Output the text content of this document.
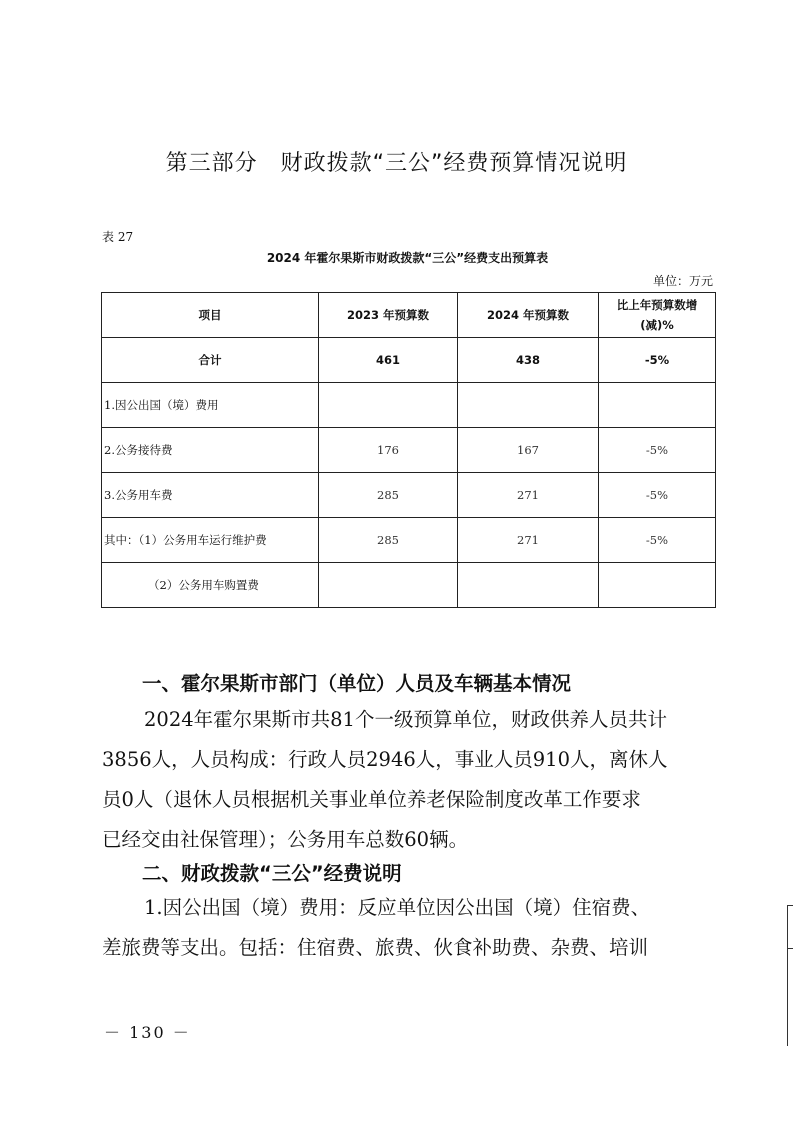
第三部分　财政拨款“三公”经费预算情况说明
表 27
2024 年霍尔果斯市财政拨款“三公”经费支出预算表
单位：万元
项目	2023 年预算数	2024 年预算数	比上年预算数增(减)%
合计	461	438	-5%
1.因公出国（境）费用			
2.公务接待费	176	167	-5%
3.公务用车费	285	271	-5%
其中：（1）公务用车运行维护费	285	271	-5%
（2）公务用车购置费			
一、霍尔果斯市部门（单位）人员及车辆基本情况
2024年霍尔果斯市共81个一级预算单位，财政供养人员共计
3856人，人员构成：行政人员2946人，事业人员910人，离休人
员0人（退休人员根据机关事业单位养老保险制度改革工作要求
已经交由社保管理）；公务用车总数60辆。
二、财政拨款“三公”经费说明
1.因公出国（境）费用：反应单位因公出国（境）住宿费、
差旅费等支出。包括：住宿费、旅费、伙食补助费、杂费、培训
－ 130 －
